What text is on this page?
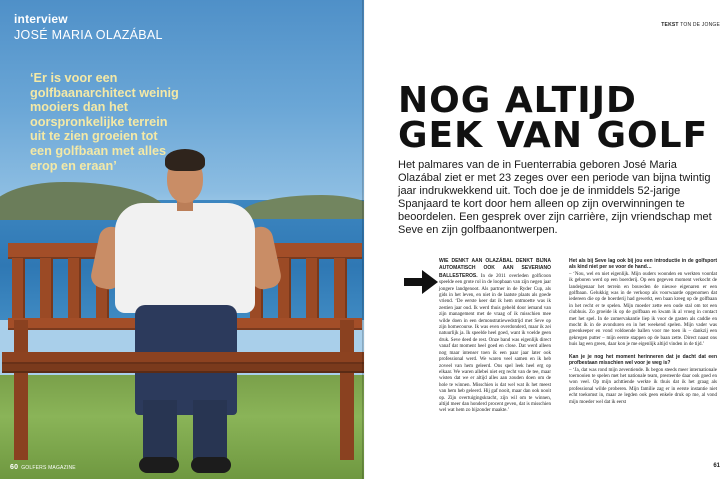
interview
JOSÉ MARIA OLAZÁBAL
‘Er is voor een golfbaanarchitect weinig mooiers dan het oorspronkelijke terrein uit te zien groeien tot een golfbaan met alles erop en eraan’
60 GOLFERS MAGAZINE
TEKST TON DE JONGE
NOG ALTIJD GEK VAN GOLF
Het palmares van de in Fuenterrabia geboren José Maria Olazábal ziet er met 23 zeges over een periode van bijna twintig jaar indrukwekkend uit. Toch doe je de inmiddels 52-jarige Spanjaard te kort door hem alleen op zijn overwinningen te beoordelen. Een gesprek over zijn carrière, zijn vriendschap met Seve en zijn golfbaanontwerpen.
WIE DENKT AAN OLAZÁBAL DENKT BIJNA AUTOMATISCH OOK AAN SEVERIANO BALLESTEROS. In de 2011 overleden golficoon speelde een grote rol in de loopbaan van zijn negen jaar jongere landgenoot. Als partner in de Ryder Cup, als gids in het leven, en niet in de laatste plaats als goede vriend. ‘De eerste keer dat ik hem ontmoette was ik zestien jaar oud. Ik werd thuis gebeld door iemand van zijn management met de vraag of ik misschien mee wilde doen in een demonstratiewedstrijd met Seve op zijn homecourse. Ik was even overdonderd, maar ik zei natuurlijk ja. Ik speelde heel goed, want ik voelde geen druk. Seve deed de rest. Onze band was eigenlijk direct vanaf dat moment heel goed en close. Dat werd alleen nog maar intenser toen ik een paar jaar later ook professional werd. We waren veel samen en ik heb zoveel van hem geleerd. Ons spel leek heel erg op elkaar. We waren allebei niet erg recht van de tee, maar wisten dat we er altijd alles aan zouden doen om de hole te winnen. Misschien is dat wel wat ik het meest van hem heb geleerd. Hij gaf nooit, maar dan ook nooit op. Zijn overtuigingskracht, zijn wil om te winnen, altijd meer dan honderd procent geven, dat is misschien wel wat hem zo bijzonder maakte.’
Het als bij Seve lag ook bij jou een introductie in de golfsport als kind niet per se voor de hand…
– ‘Nou, wel en niet eigenlijk. Mijn ouders woonden en werkten voordat ik geboren werd op een boerderij. Op een gegeven moment verkocht de landeigenaar het terrein en bouwden de nieuwe eigenaren er een golfbaan. Gelukkig was in de verkoop als voorwaarde opgenomen dat iedereen die op de boerderij had gewerkt, een baan kreeg op de golfbaan in het recht er te spelen. Mijn moeder zette een oude stal om tot een clubhuis. Zo groeide ik op de golfbaan en kwam ik al vroeg in contact met het spel. In de zomervakantie liep ik voor de gasten als caddie en mocht ik in de avonduren en in het weekend spelen. Mijn vader was greenkeeper en vond voldoende ballen voor me toen ik – dankzij een gekregen putter – mijn eerste stappen op de baan zette. Direct naast ons huis lag een green, daar kon je me eigenlijk altijd vinden in de tijd.’
Kan je je nog het moment herinneren dat je dacht dat een profbestaan misschien wel voor je weg is?
– ‘Ja, dat was rond mijn zeventiende. Ik begon steeds meer internationale toernooien te spelen met het nationale team, presteerde daar ook goed en won veel. Op mijn achttiende werkte ik thuis dat ik het graag als professional wilde proberen. Mijn familie zag er in eerste instantie niet echt toekomst in, maar ze legden ook geen enkele druk op me, al vond mijn moeder wel dat ik eerst
61
